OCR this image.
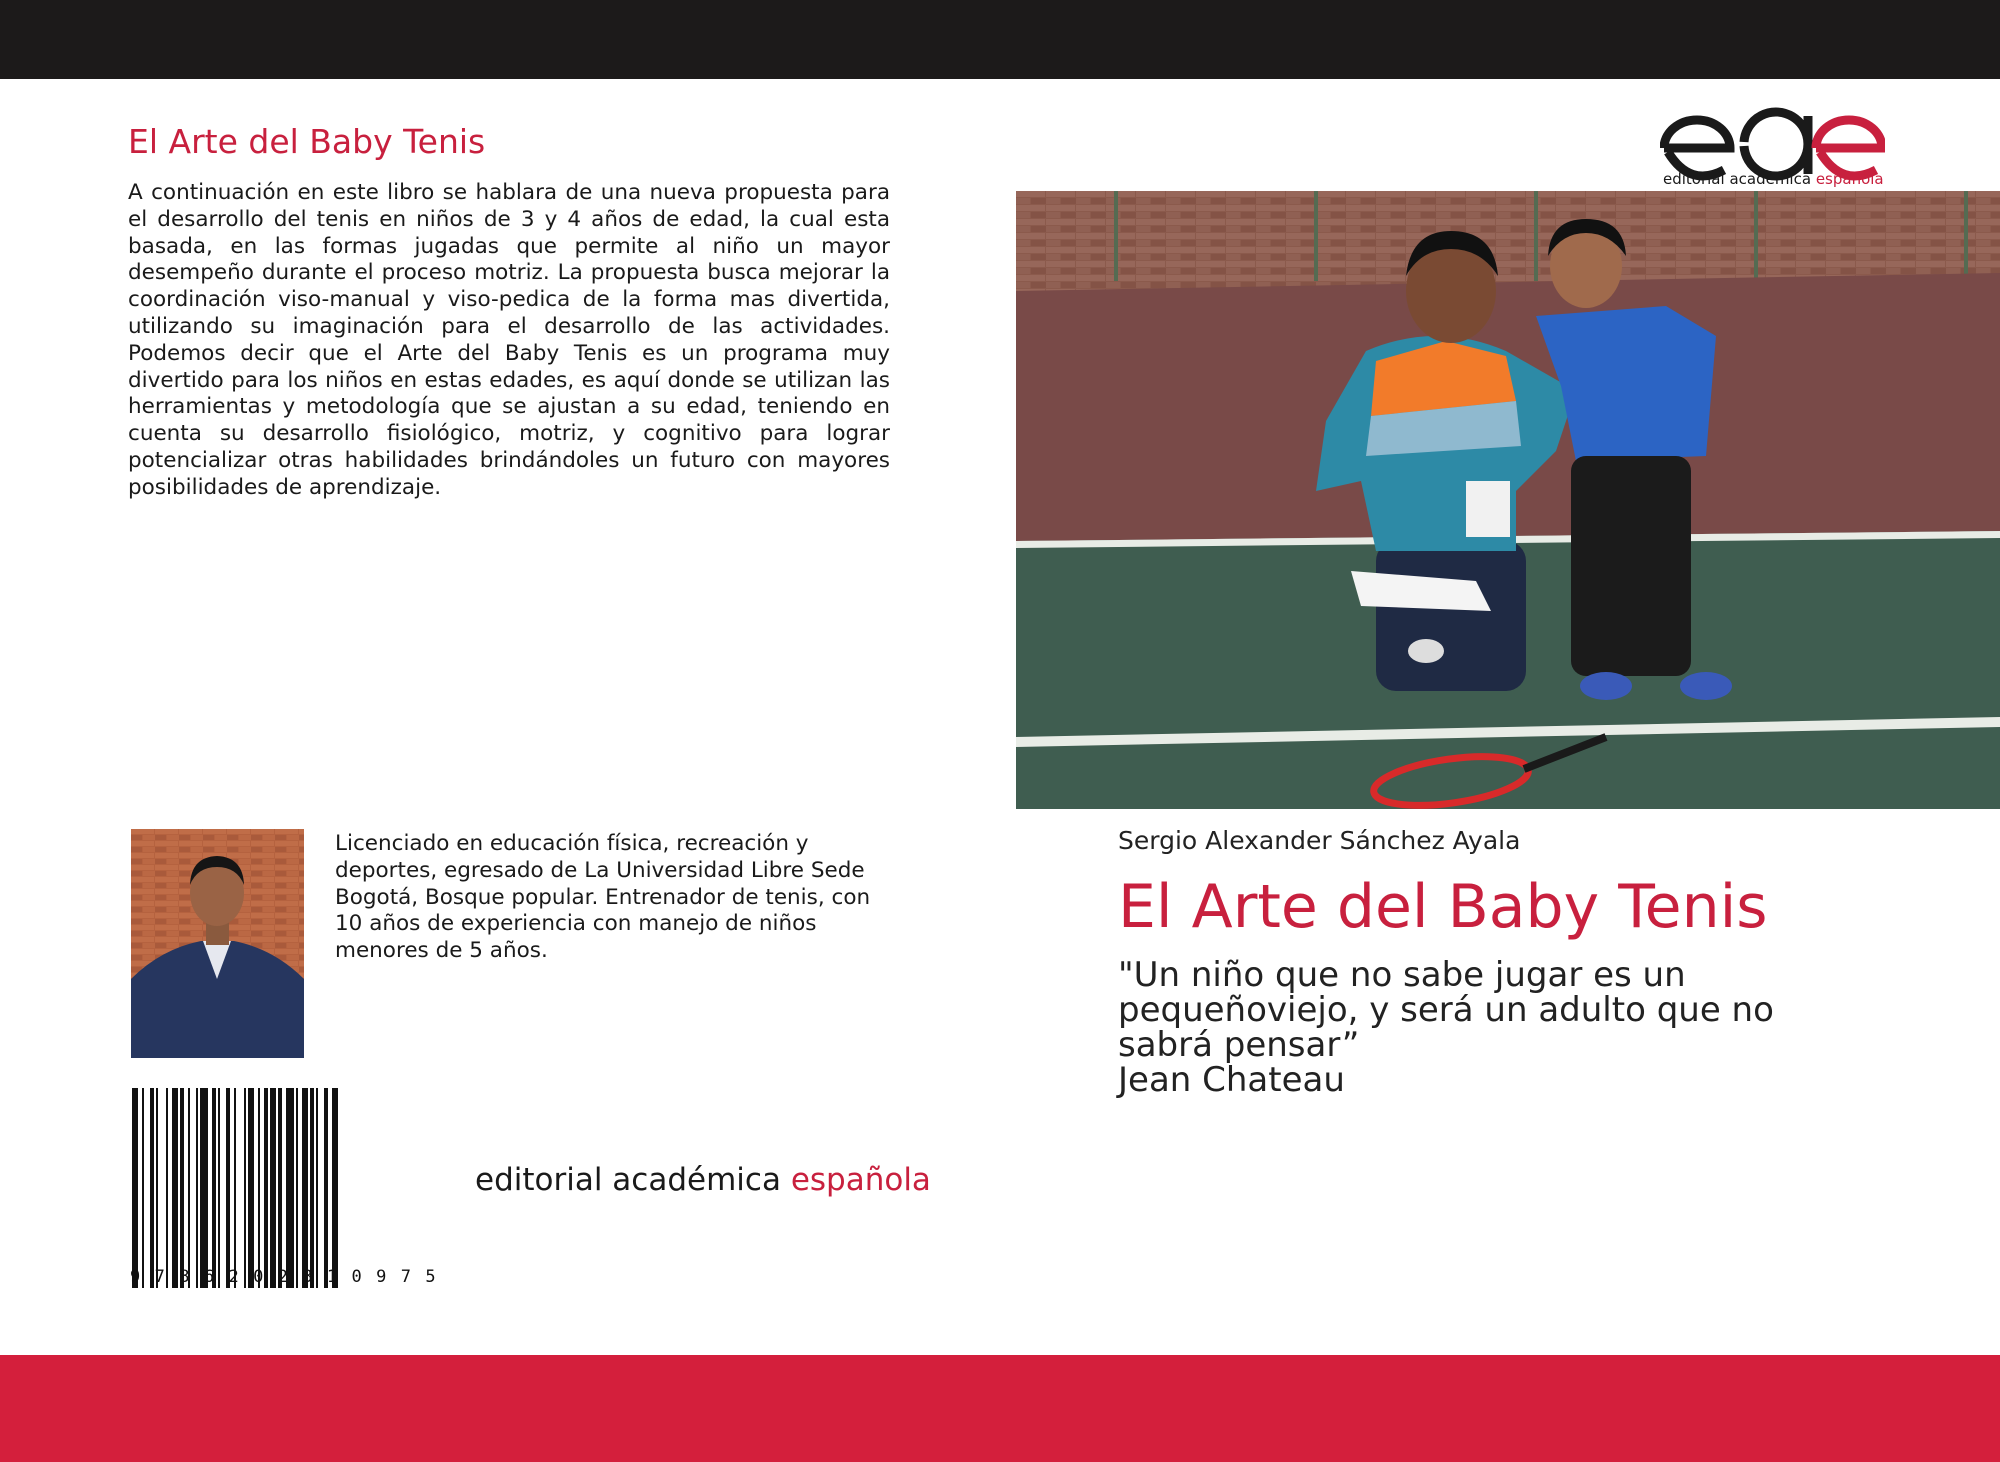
El Arte del Baby Tenis

A continuación en este libro se hablara de una nueva propuesta para el desarrollo del tenis en niños de 3 y 4 años de edad, la cual esta basada, en las formas jugadas que permite al niño un mayor desempeño durante el proceso motriz. La propuesta busca mejorar la coordinación viso-manual y viso-pedica de la forma mas divertida, utilizando su imaginación para el desarrollo de las actividades. Podemos decir que el Arte del Baby Tenis es un programa muy divertido para los niños en estas edades, es aquí donde se utilizan las herramientas y metodología que se ajustan a su edad, teniendo en cuenta su desarrollo fisiológico, motriz, y cognitivo para lograr potencializar otras habilidades brindándoles un futuro con mayores posibilidades de aprendizaje.

Licenciado en educación física, recreación y deportes, egresado de La Universidad Libre Sede Bogotá, Bosque popular. Entrenador de tenis, con 10 años de experiencia con manejo de niños menores de 5 años.

9 7 8 6 2 0 2 8 1 0 9 7 5
editorial académica española
editorial académica española
Sergio Alexander Sánchez Ayala
El Arte del Baby Tenis

"Un niño que no sabe jugar es un
pequeñoviejo, y será un adulto que no
sabrá pensar”
Jean Chateau
